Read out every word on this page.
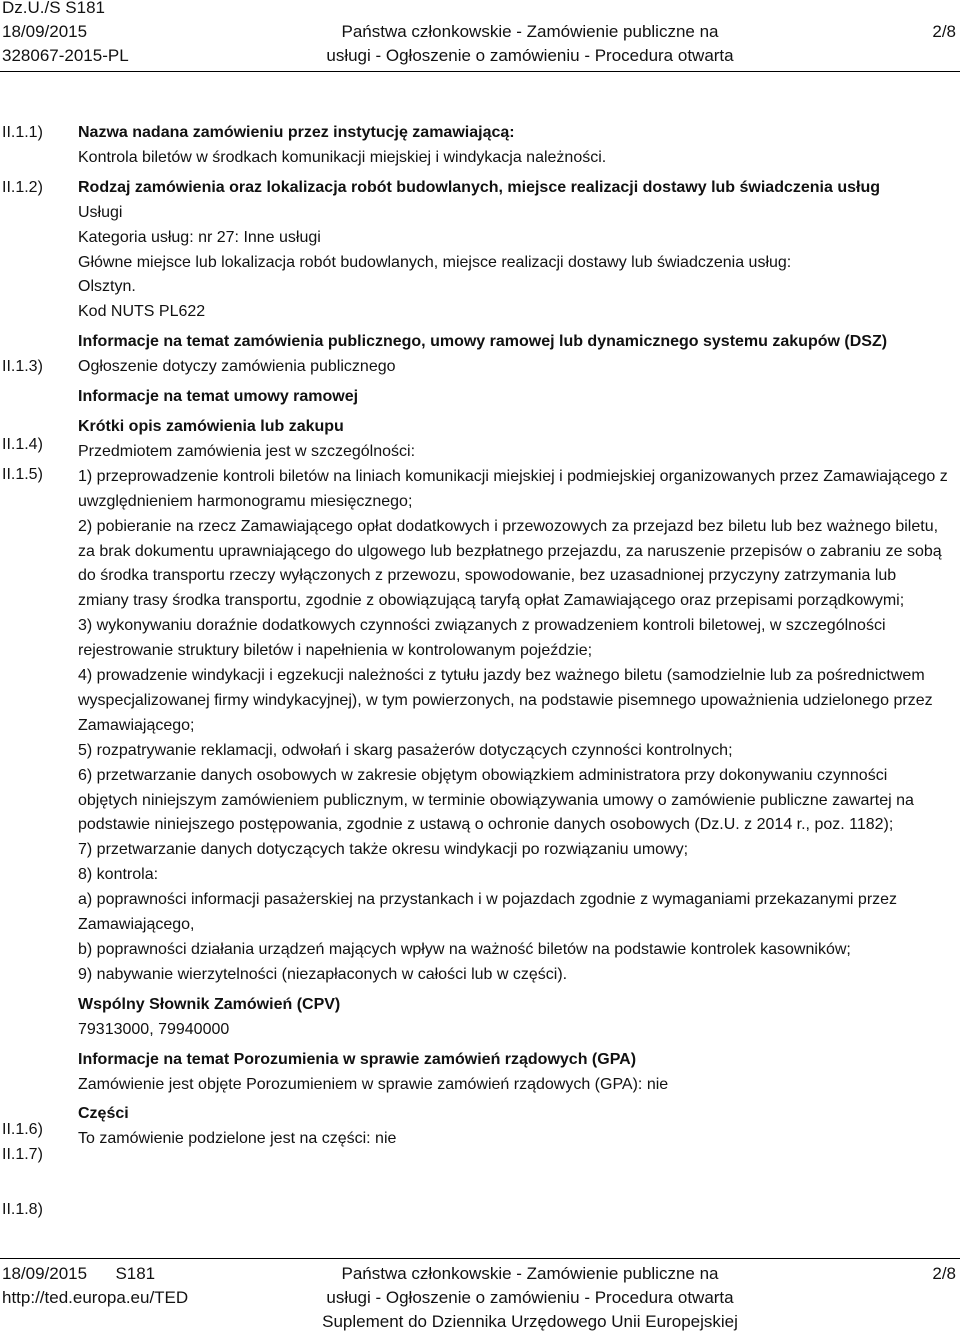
Dz.U./S S181
18/09/2015
328067-2015-PL
Państwa członkowskie - Zamówienie publiczne na
usługi - Ogłoszenie o zamówieniu - Procedura otwarta
2/8
II.1.1)
II.1.2)
II.1.3)
II.1.4)
II.1.5)
II.1.6)
II.1.7)
II.1.8)

Nazwa nadana zamówieniu przez instytucję zamawiającą:

Kontrola biletów w środkach komunikacji miejskiej i windykacja należności.

Rodzaj zamówienia oraz lokalizacja robót budowlanych, miejsce realizacji dostawy lub świadczenia usług

Usługi

Kategoria usług: nr 27: Inne usługi

Główne miejsce lub lokalizacja robót budowlanych, miejsce realizacji dostawy lub świadczenia usług:

Olsztyn.

Kod NUTS PL622

Informacje na temat zamówienia publicznego, umowy ramowej lub dynamicznego systemu zakupów (DSZ)

Ogłoszenie dotyczy zamówienia publicznego

Informacje na temat umowy ramowej

Krótki opis zamówienia lub zakupu

Przedmiotem zamówienia jest w szczególności:

1) przeprowadzenie kontroli biletów na liniach komunikacji miejskiej i podmiejskiej organizowanych przez Zamawiającego z uwzględnieniem harmonogramu miesięcznego;

2) pobieranie na rzecz Zamawiającego opłat dodatkowych i przewozowych za przejazd bez biletu lub bez ważnego biletu, za brak dokumentu uprawniającego do ulgowego lub bezpłatnego przejazdu, za naruszenie przepisów o zabraniu ze sobą do środka transportu rzeczy wyłączonych z przewozu, spowodowanie, bez uzasadnionej przyczyny zatrzymania lub zmiany trasy środka transportu, zgodnie z obowiązującą taryfą opłat Zamawiającego oraz przepisami porządkowymi;

3) wykonywaniu doraźnie dodatkowych czynności związanych z prowadzeniem kontroli biletowej, w szczególności rejestrowanie struktury biletów i napełnienia w kontrolowanym pojeździe;

4) prowadzenie windykacji i egzekucji należności z tytułu jazdy bez ważnego biletu (samodzielnie lub za pośrednictwem wyspecjalizowanej firmy windykacyjnej), w tym powierzonych, na podstawie pisemnego upoważnienia udzielonego przez Zamawiającego;

5) rozpatrywanie reklamacji, odwołań i skarg pasażerów dotyczących czynności kontrolnych;

6) przetwarzanie danych osobowych w zakresie objętym obowiązkiem administratora przy dokonywaniu czynności objętych niniejszym zamówieniem publicznym, w terminie obowiązywania umowy o zamówienie publiczne zawartej na podstawie niniejszego postępowania, zgodnie z ustawą o ochronie danych osobowych (Dz.U. z 2014 r., poz. 1182);

7) przetwarzanie danych dotyczących także okresu windykacji po rozwiązaniu umowy;

8) kontrola:

a) poprawności informacji pasażerskiej na przystankach i w pojazdach zgodnie z wymaganiami przekazanymi przez Zamawiającego,

b) poprawności działania urządzeń mających wpływ na ważność biletów na podstawie kontrolek kasowników;

9) nabywanie wierzytelności (niezapłaconych w całości lub w części).

Wspólny Słownik Zamówień (CPV)

79313000, 79940000

Informacje na temat Porozumienia w sprawie zamówień rządowych (GPA)

Zamówienie jest objęte Porozumieniem w sprawie zamówień rządowych (GPA): nie

Części

To zamówienie podzielone jest na części: nie

18/09/2015 S181
http://ted.europa.eu/TED
Państwa członkowskie - Zamówienie publiczne na
usługi - Ogłoszenie o zamówieniu - Procedura otwarta
Suplement do Dziennika Urzędowego Unii Europejskiej
2/8
